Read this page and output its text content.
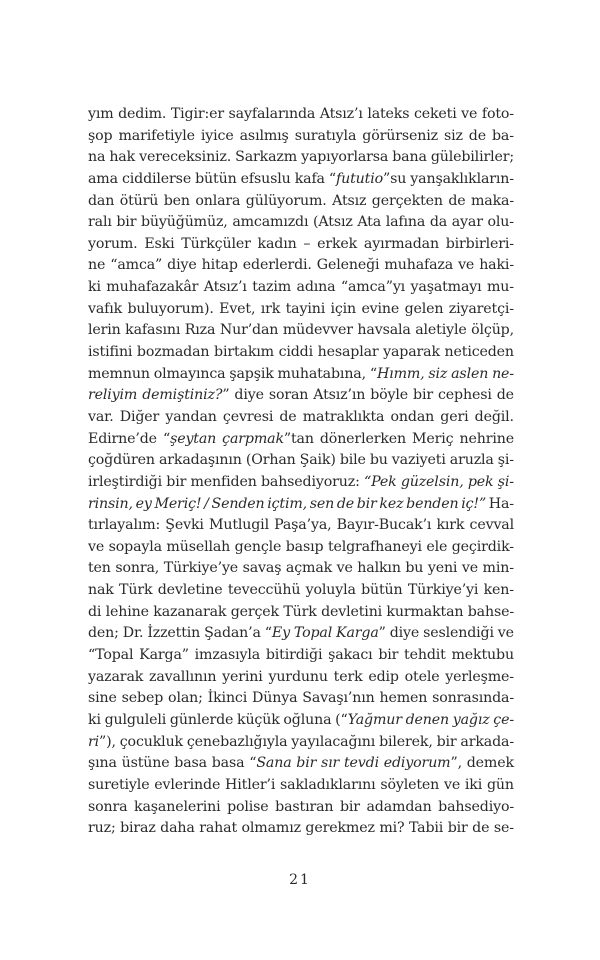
yım dedim. Tigir:er sayfalarında Atsız’ı lateks ceketi ve foto-
şop marifetiyle iyice asılmış suratıyla görürseniz siz de ba-
na hak vereceksiniz. Sarkazm yapıyorlarsa bana gülebilirler;
ama ciddilerse bütün efsuslu kafa “fututio”su yanşaklıkların-
dan ötürü ben onlara gülüyorum. Atsız gerçekten de maka-
ralı bir büyüğümüz, amcamızdı (Atsız Ata lafına da ayar olu-
yorum. Eski Türkçüler kadın – erkek ayırmadan birbirleri-
ne “amca” diye hitap ederlerdi. Geleneği muhafaza ve haki-
ki muhafazakâr Atsız’ı tazim adına “amca”yı yaşatmayı mu-
vafık buluyorum). Evet, ırk tayini için evine gelen ziyaretçi-
lerin kafasını Rıza Nur’dan müdevver havsala aletiyle ölçüp,
istifini bozmadan birtakım ciddi hesaplar yaparak neticeden
memnun olmayınca şapşik muhatabına, “Hımm, siz aslen ne-
reliyim demiştiniz?” diye soran Atsız’ın böyle bir cephesi de
var. Diğer yandan çevresi de matraklıkta ondan geri değil.
Edirne’de “şeytan çarpmak”tan dönerlerken Meriç nehrine
çoğdüren arkadaşının (Orhan Şaik) bile bu vaziyeti aruzla şi-
irleştirdiği bir menfiden bahsediyoruz: “Pek güzelsin, pek şi-
rinsin, ey Meriç! / Senden içtim, sen de bir kez benden iç!” Ha-
tırlayalım: Şevki Mutlugil Paşa’ya, Bayır-Bucak’ı kırk cevval
ve sopayla müsellah gençle basıp telgrafhaneyi ele geçirdik-
ten sonra, Türkiye’ye savaş açmak ve halkın bu yeni ve min-
nak Türk devletine teveccühü yoluyla bütün Türkiye’yi ken-
di lehine kazanarak gerçek Türk devletini kurmaktan bahse-
den; Dr. İzzettin Şadan’a “Ey Topal Karga” diye seslendiği ve
“Topal Karga” imzasıyla bitirdiği şakacı bir tehdit mektubu
yazarak zavallının yerini yurdunu terk edip otele yerleşme-
sine sebep olan; İkinci Dünya Savaşı’nın hemen sonrasında-
ki gulguleli günlerde küçük oğluna (“Yağmur denen yağız çe-
ri”), çocukluk çenebazlığıyla yayılacağını bilerek, bir arkada-
şına üstüne basa basa “Sana bir sır tevdi ediyorum”, demek
suretiyle evlerinde Hitler’i sakladıklarını söyleten ve iki gün
sonra kaşanelerini polise bastıran bir adamdan bahsediyo-
ruz; biraz daha rahat olmamız gerekmez mi? Tabii bir de se-
21
